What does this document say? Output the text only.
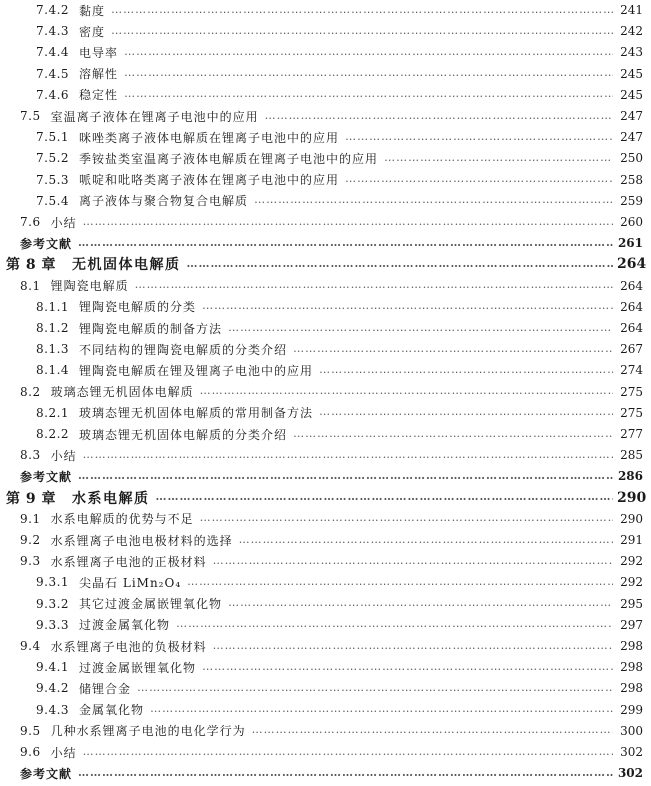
7.4.2 黏度 ……………………………………………………………………………………………………………………………………………………………………………………………………………………………………	241
7.4.3 密度 ……………………………………………………………………………………………………………………………………………………………………………………………………………………………………	242
7.4.4 电导率 ……………………………………………………………………………………………………………………………………………………………………………………………………………………………………	243
7.4.5 溶解性 ……………………………………………………………………………………………………………………………………………………………………………………………………………………………………	245
7.4.6 稳定性 ……………………………………………………………………………………………………………………………………………………………………………………………………………………………………	245
7.5 室温离子液体在锂离子电池中的应用 ……………………………………………………………………………………………………………………………………………………………………………………………………………………………………	247
7.5.1 咪唑类离子液体电解质在锂离子电池中的应用 ……………………………………………………………………………………………………………………………………………………………………………………………………………………………………	247
7.5.2 季铵盐类室温离子液体电解质在锂离子电池中的应用 ……………………………………………………………………………………………………………………………………………………………………………………………………………………………………	250
7.5.3 哌啶和吡咯类离子液体在锂离子电池中的应用 ……………………………………………………………………………………………………………………………………………………………………………………………………………………………………	258
7.5.4 离子液体与聚合物复合电解质 ……………………………………………………………………………………………………………………………………………………………………………………………………………………………………	259
7.6 小结 ……………………………………………………………………………………………………………………………………………………………………………………………………………………………………	260
参考文献 ……………………………………………………………………………………………………………………………………………………………………………………………………………………………………	261
第 8 章 无机固体电解质 ……………………………………………………………………………………………………………………………………………………………………………………………………………………………………	264
8.1 锂陶瓷电解质 ……………………………………………………………………………………………………………………………………………………………………………………………………………………………………	264
8.1.1 锂陶瓷电解质的分类 ……………………………………………………………………………………………………………………………………………………………………………………………………………………………………	264
8.1.2 锂陶瓷电解质的制备方法 ……………………………………………………………………………………………………………………………………………………………………………………………………………………………………	264
8.1.3 不同结构的锂陶瓷电解质的分类介绍 ……………………………………………………………………………………………………………………………………………………………………………………………………………………………………	267
8.1.4 锂陶瓷电解质在锂及锂离子电池中的应用 ……………………………………………………………………………………………………………………………………………………………………………………………………………………………………	274
8.2 玻璃态锂无机固体电解质 ……………………………………………………………………………………………………………………………………………………………………………………………………………………………………	275
8.2.1 玻璃态锂无机固体电解质的常用制备方法 ……………………………………………………………………………………………………………………………………………………………………………………………………………………………………	275
8.2.2 玻璃态锂无机固体电解质的分类介绍 ……………………………………………………………………………………………………………………………………………………………………………………………………………………………………	277
8.3 小结 ……………………………………………………………………………………………………………………………………………………………………………………………………………………………………	285
参考文献 ……………………………………………………………………………………………………………………………………………………………………………………………………………………………………	286
第 9 章 水系电解质 ……………………………………………………………………………………………………………………………………………………………………………………………………………………………………	290
9.1 水系电解质的优势与不足 ……………………………………………………………………………………………………………………………………………………………………………………………………………………………………	290
9.2 水系锂离子电池电极材料的选择 ……………………………………………………………………………………………………………………………………………………………………………………………………………………………………	291
9.3 水系锂离子电池的正极材料 ……………………………………………………………………………………………………………………………………………………………………………………………………………………………………	292
9.3.1 尖晶石 LiMn₂O₄ ……………………………………………………………………………………………………………………………………………………………………………………………………………………………………	292
9.3.2 其它过渡金属嵌锂氧化物 ……………………………………………………………………………………………………………………………………………………………………………………………………………………………………	295
9.3.3 过渡金属氧化物 ……………………………………………………………………………………………………………………………………………………………………………………………………………………………………	297
9.4 水系锂离子电池的负极材料 ……………………………………………………………………………………………………………………………………………………………………………………………………………………………………	298
9.4.1 过渡金属嵌锂氧化物 ……………………………………………………………………………………………………………………………………………………………………………………………………………………………………	298
9.4.2 储锂合金 ……………………………………………………………………………………………………………………………………………………………………………………………………………………………………	298
9.4.3 金属氧化物 ……………………………………………………………………………………………………………………………………………………………………………………………………………………………………	299
9.5 几种水系锂离子电池的电化学行为 ……………………………………………………………………………………………………………………………………………………………………………………………………………………………………	300
9.6 小结 ……………………………………………………………………………………………………………………………………………………………………………………………………………………………………	302
参考文献 ……………………………………………………………………………………………………………………………………………………………………………………………………………………………………	302
